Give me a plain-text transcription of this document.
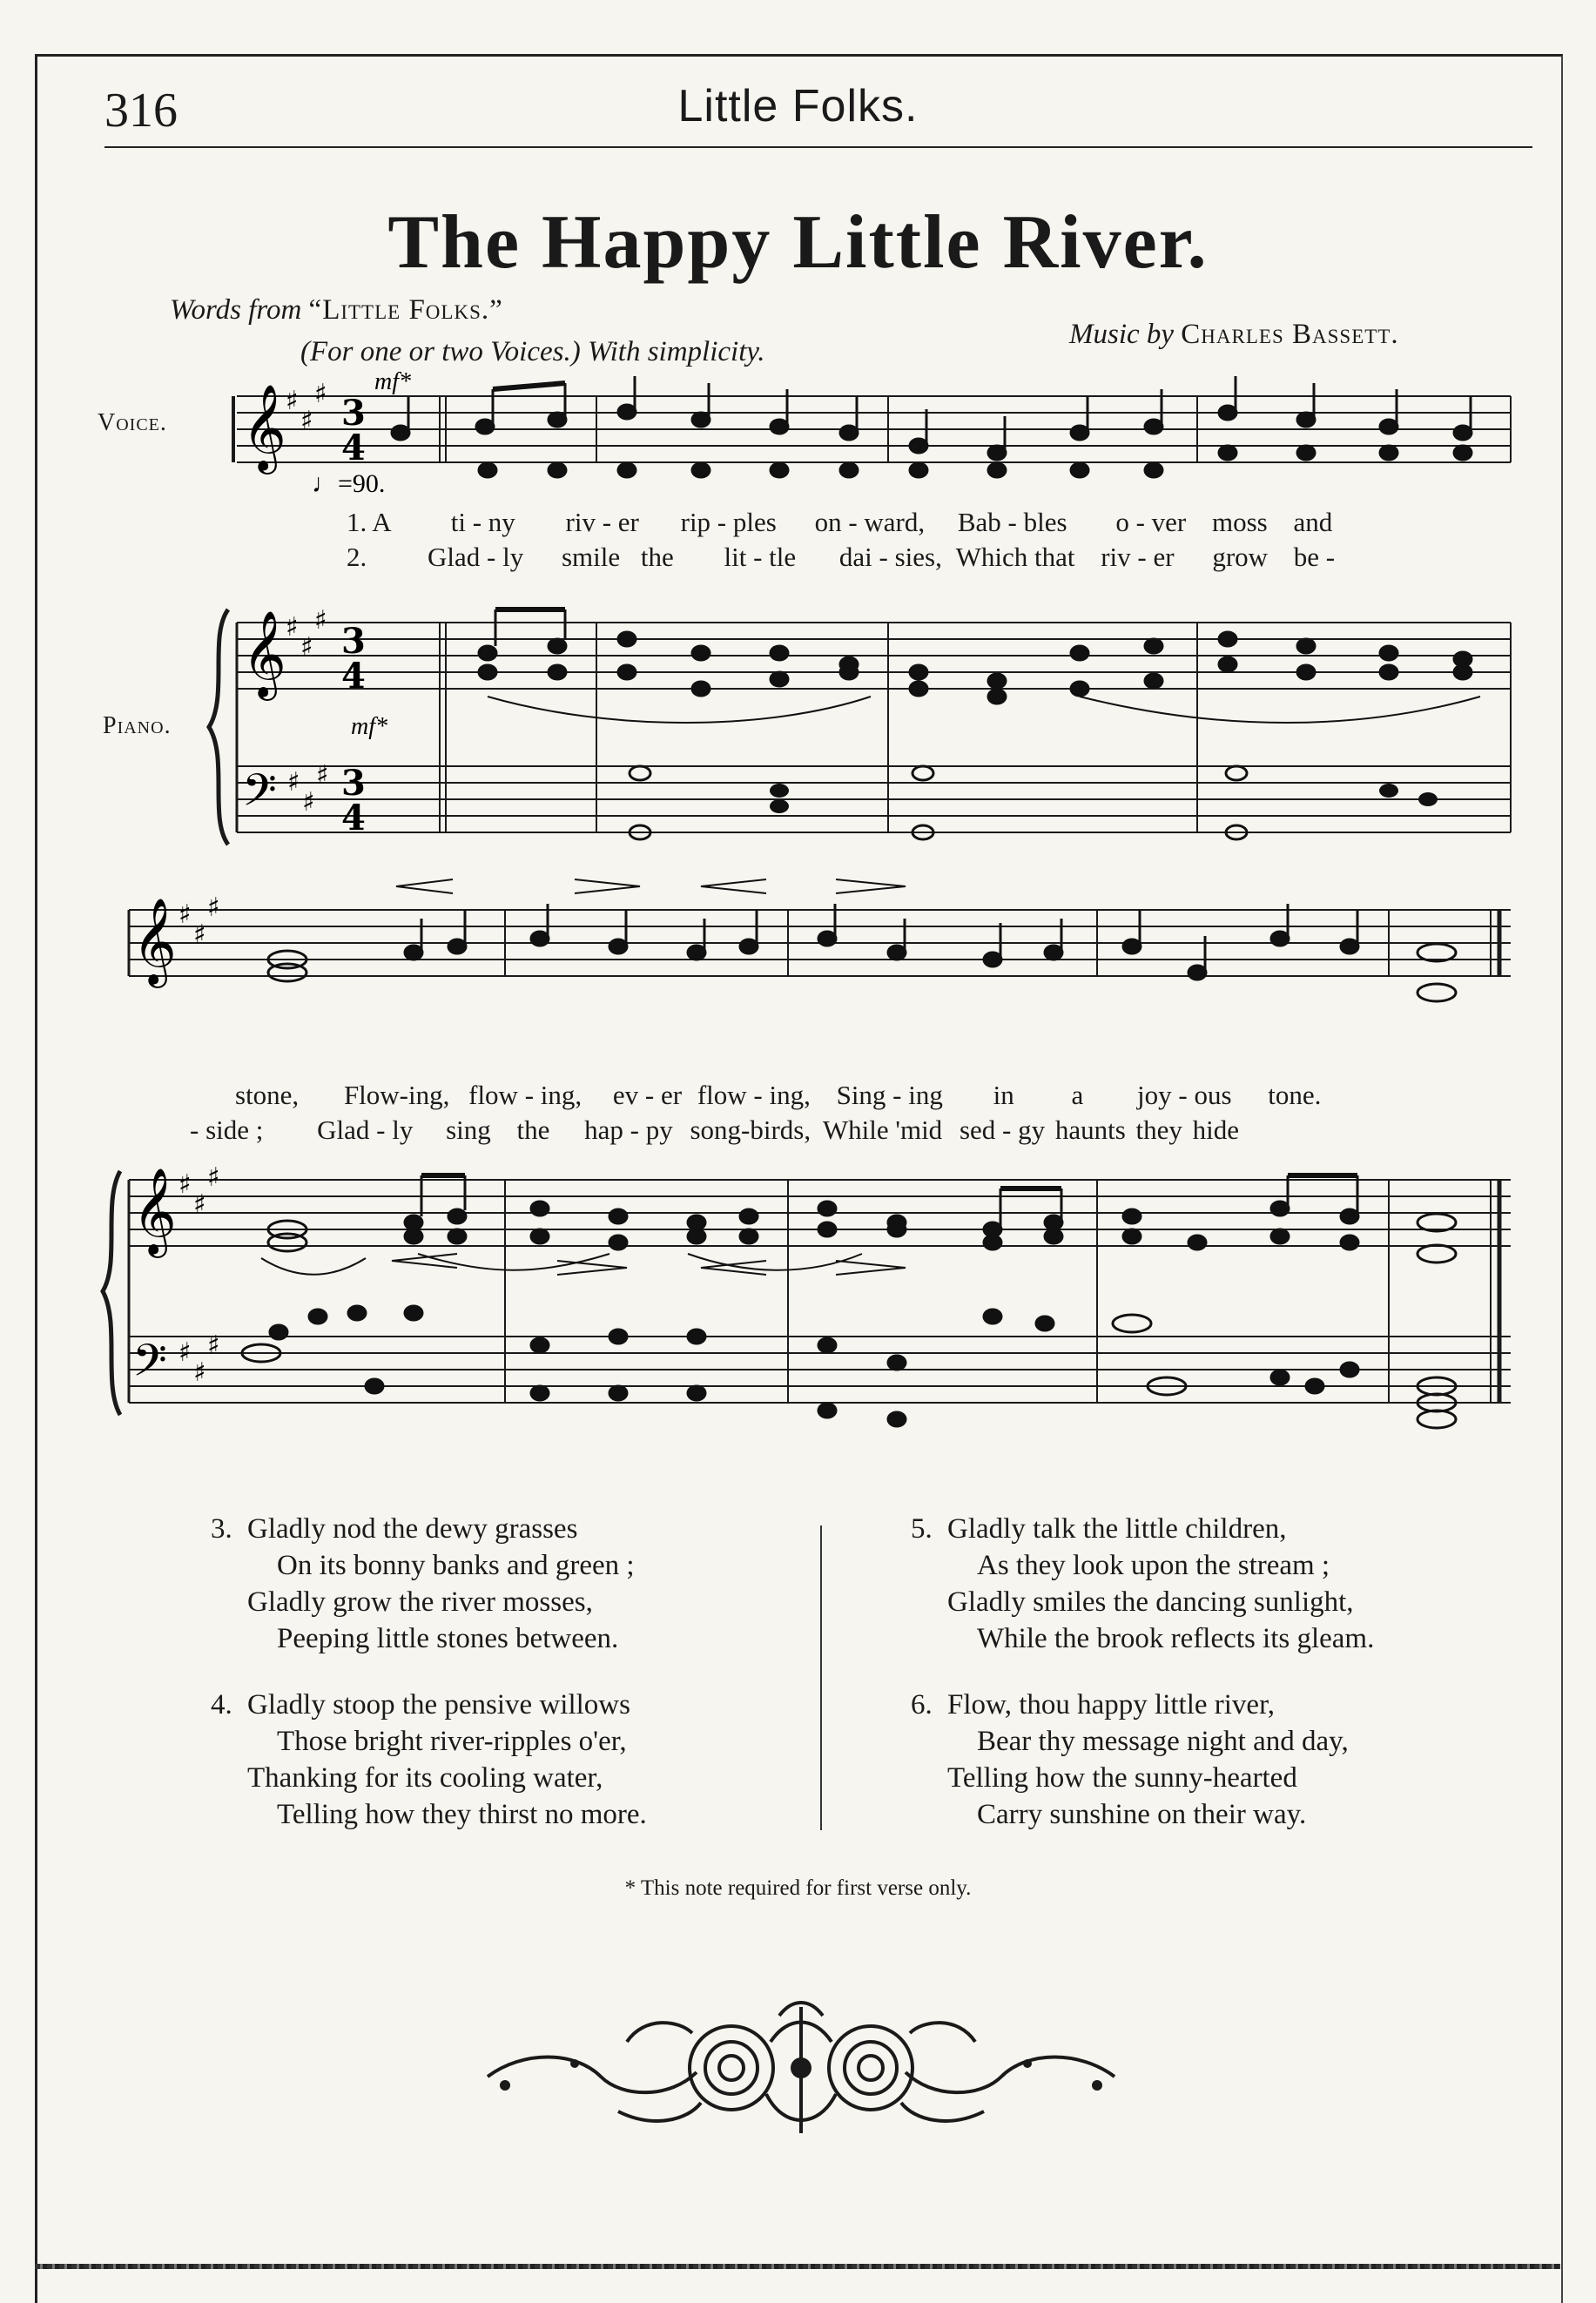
316	Little Folks.
The Happy Little River.
Words from “Little Folks.”
(For one or two Voices.) With simplicity.
Music by Charles Bassett.
Voice.
Piano.
𝄞
𝄞
𝄢
♯
♯
♯
♯
♯
♯
♯
♯
♯
3
4
3
4
3
4
mf*
mf*
♩=90.
𝄞
𝄞
𝄢
♯
♯
♯
♯
♯
♯
♯
♯
♯
1. A ti - ny riv - er rip - ples on - ward, Bab - bles o - ver moss and
2. Glad - ly smile the lit - tle dai - sies, Which that riv - er grow be -
stone, Flow-ing, flow - ing, ev - er flow - ing, Sing - ing in a joy - ous tone.
- side ; Glad - ly sing the hap - py song-birds, While 'mid sed - gy haunts they hide
3. Gladly nod the dewy grasses
On its bonny banks and green ;
Gladly grow the river mosses,
Peeping little stones between.
4. Gladly stoop the pensive willows
Those bright river-ripples o'er,
Thanking for its cooling water,
Telling how they thirst no more.
5. Gladly talk the little children,
As they look upon the stream ;
Gladly smiles the dancing sunlight,
While the brook reflects its gleam.
6. Flow, thou happy little river,
Bear thy message night and day,
Telling how the sunny-hearted
Carry sunshine on their way.
* This note required for first verse only.
